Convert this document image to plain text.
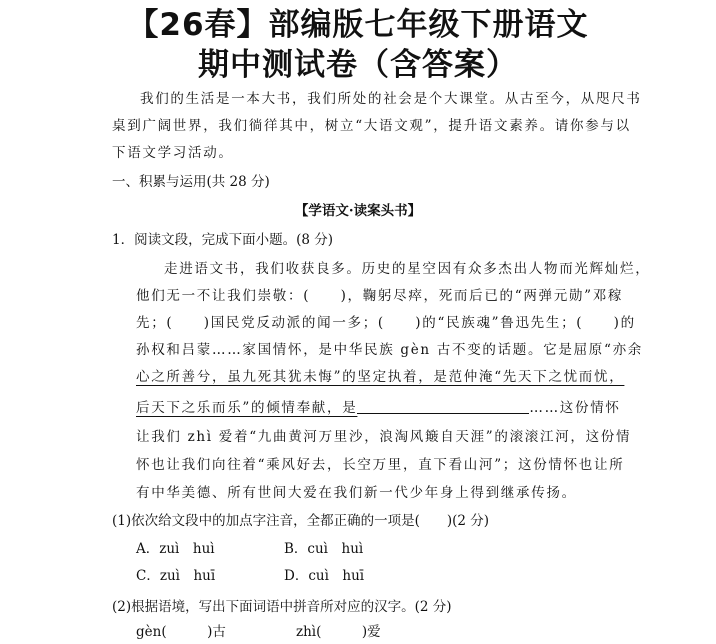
【26春】部编版七年级下册语文
期中测试卷（含答案）
我们的生活是一本大书，我们所处的社会是个大课堂。从古至今，从咫尺书
桌到广阔世界，我们徜徉其中，树立“大语文观”，提升语文素养。请你参与以
下语文学习活动。
一、积累与运用(共 28 分)
【学语文·读案头书】
1．阅读文段，完成下面小题。(8 分)
走进语文书，我们收获良多。历史的星空因有众多杰出人物而光辉灿烂，
他们无一不让我们崇敬：(　　)，鞠躬尽瘁，死而后已的“两弹元勋”邓稼
先；(　　)国民党反动派的闻一多；(　　)的“民族魂”鲁迅先生；(　　)的
孙权和吕蒙……家国情怀，是中华民族 gèn 古不变的话题。它是屈原“亦余
心之所善兮，虽九死其犹未悔”的坚定执着，是范仲淹“先天下之忧而忧，
后天下之乐而乐”的倾情奉献，是	……这份情怀
让我们 zhì 爱着“九曲黄河万里沙，浪淘风簸自天涯”的滚滚江河，这份情
怀也让我们向往着“乘风好去，长空万里，直下看山河”；这份情怀也让所
有中华美德、所有世间大爱在我们新一代少年身上得到继承传扬。
(1)依次给文段中的加点字注音，全都正确的一项是(　　)(2 分)
A．zuì　huì	B．cuì　huì
C．zuì　huī	D．cuì　huī
(2)根据语境，写出下面词语中拼音所对应的汉字。(2 分)
gèn(　　　)古	zhì(　　　)爱
